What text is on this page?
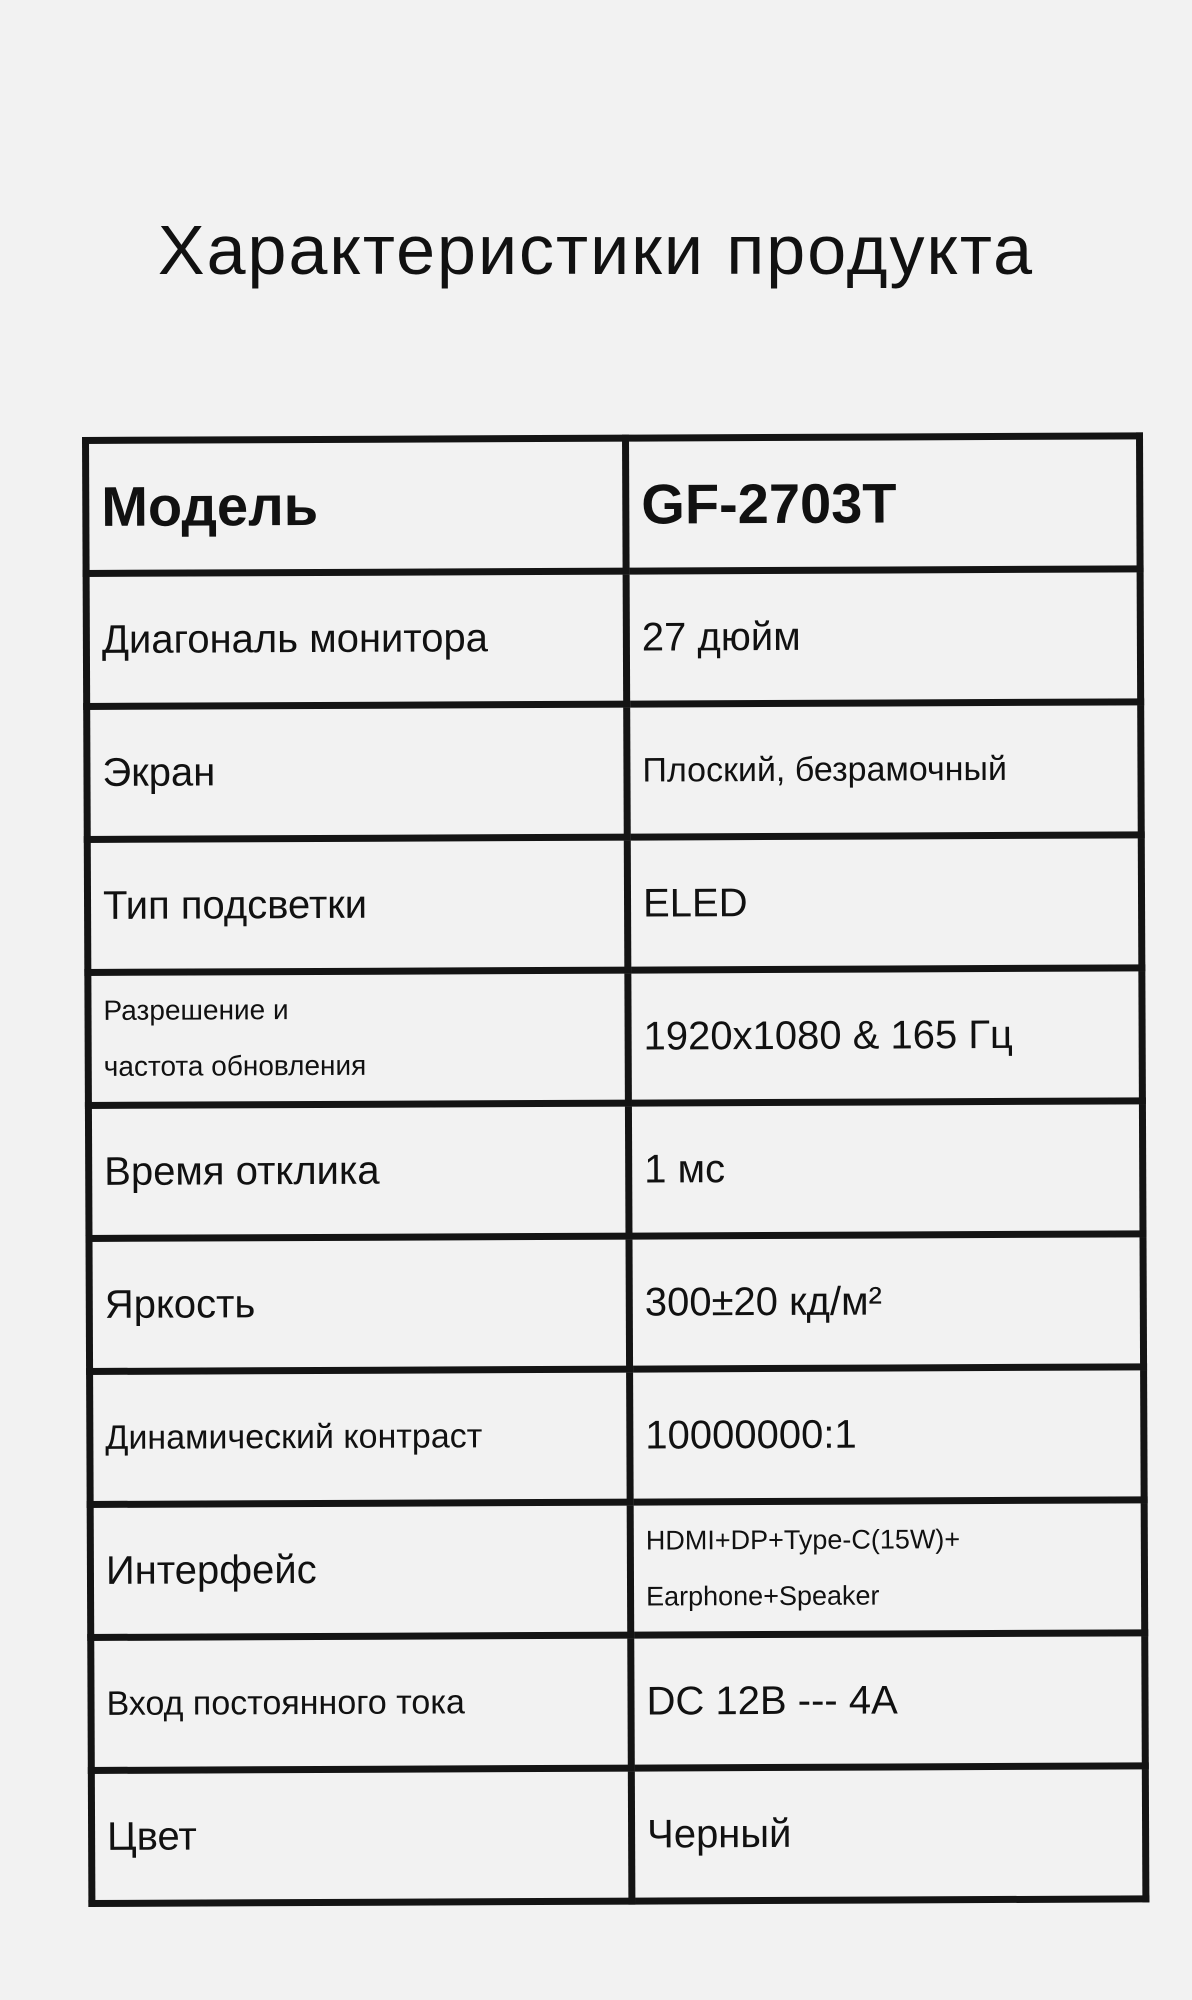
Характеристики продукта
Модель	GF-2703T
Диагональ монитора	27 дюйм
Экран	Плоский, безрамочный
Тип подсветки	ELED

Разрешение и
частота обновления	1920x1080 & 165 Гц
Время отклика	1 мс
Яркость	300±20 кд/м²
Динамический контраст	10000000:1
Интерфейс	HDMI+DP+Type-C(15W)+
Earphone+Speaker

Вход постоянного тока	DC 12B --- 4A
Цвет	Черный
